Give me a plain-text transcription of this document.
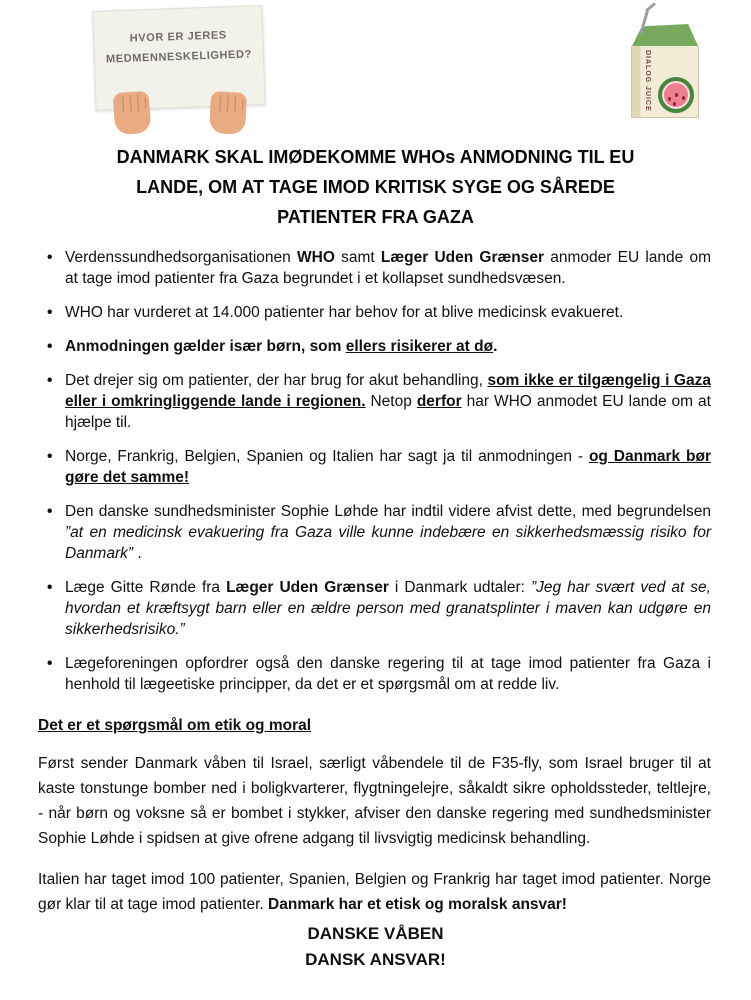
HVOR ER JERES
MEDMENNESKELIGHED?	DIALOG JUICE
DANMARK SKAL IMØDEKOMME WHOs ANMODNING TIL EU
LANDE, OM AT TAGE IMOD KRITISK SYGE OG SÅREDE
PATIENTER FRA GAZA
• Verdenssundhedsorganisationen WHO samt Læger Uden Grænser anmoder EU lande om at tage imod patienter fra Gaza begrundet i et kollapset sundhedsvæsen.
• WHO har vurderet at 14.000 patienter har behov for at blive medicinsk evakueret.
• Anmodningen gælder især børn, som ellers risikerer at dø.
• Det drejer sig om patienter, der har brug for akut behandling, som ikke er tilgængelig i Gaza eller i omkringliggende lande i regionen. Netop derfor har WHO anmodet EU lande om at hjælpe til.
• Norge, Frankrig, Belgien, Spanien og Italien har sagt ja til anmodningen - og Danmark bør gøre det samme!
• Den danske sundhedsminister Sophie Løhde har indtil videre afvist dette, med begrundelsen ”at en medicinsk evakuering fra Gaza ville kunne indebære en sikkerhedsmæssig risiko for Danmark” .
• Læge Gitte Rønde fra Læger Uden Grænser i Danmark udtaler: ”Jeg har svært ved at se, hvordan et kræftsygt barn eller en ældre person med granatsplinter i maven kan udgøre en sikkerhedsrisiko.”
• Lægeforeningen opfordrer også den danske regering til at tage imod patienter fra Gaza i henhold til lægeetiske principper, da det er et spørgsmål om at redde liv.
Det er et spørgsmål om etik og moral

Først sender Danmark våben til Israel, særligt våbendele til de F35-fly, som Israel bruger til at kaste tonstunge bomber ned i boligkvarterer, flygtningelejre, såkaldt sikre opholdssteder, teltlejre, - når børn og voksne så er bombet i stykker, afviser den danske regering med sundhedsminister Sophie Løhde i spidsen at give ofrene adgang til livsvigtig medicinsk behandling.

Italien har taget imod 100 patienter, Spanien, Belgien og Frankrig har taget imod patienter. Norge gør klar til at tage imod patienter. Danmark har et etisk og moralsk ansvar!

DANSKE VÅBEN
DANSK ANSVAR!
